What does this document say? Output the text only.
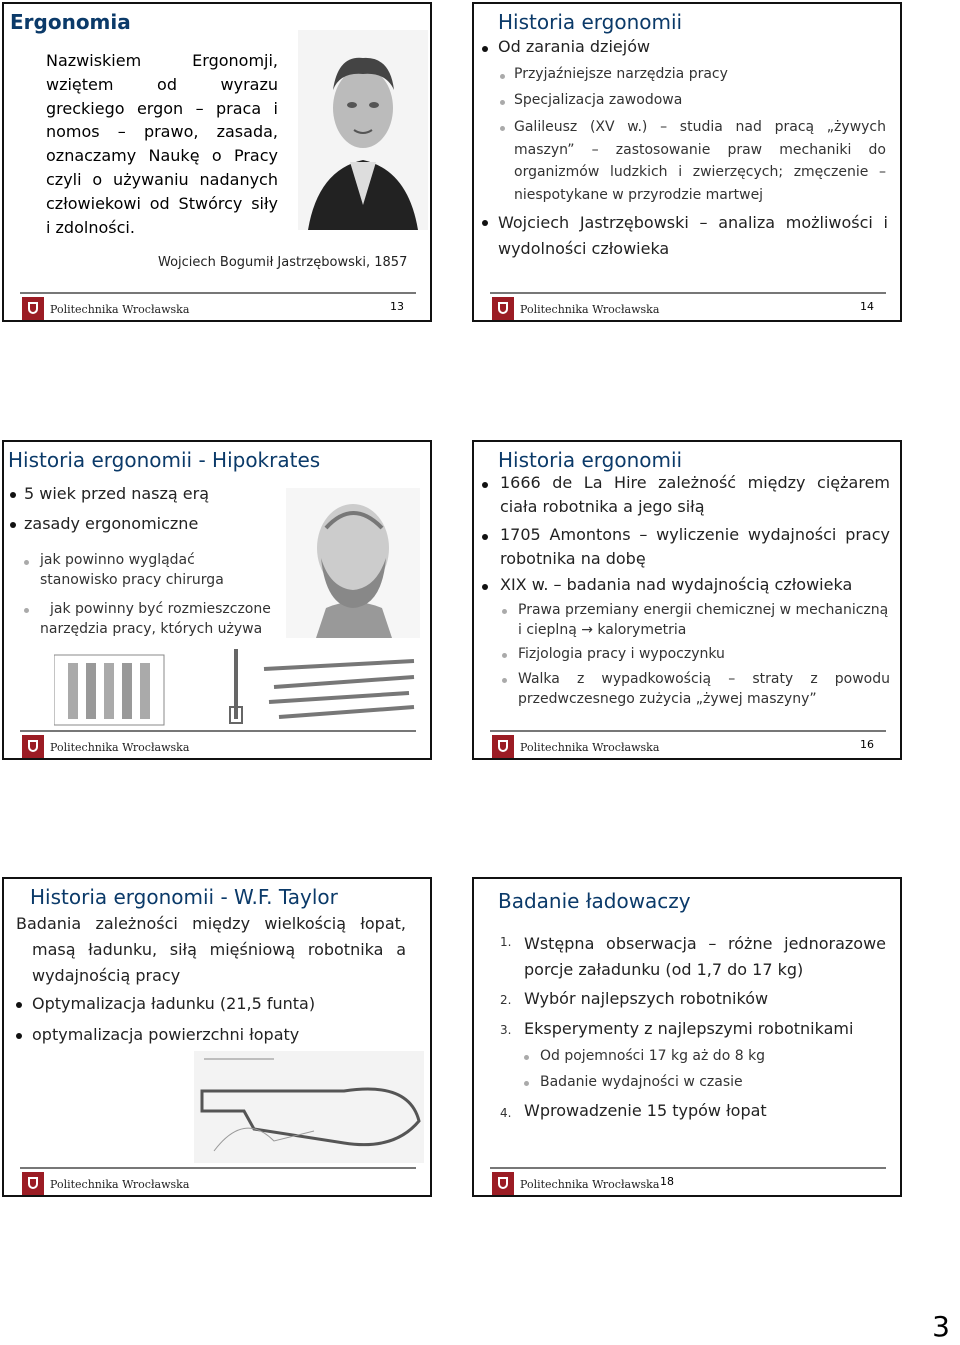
Ergonomia
Nazwiskiem Ergonomji,
wziętem od wyrazu
greckiego ergon – praca i
nomos – prawo, zasada,
oznaczamy Naukę o Pracy
czyli o używaniu nadanych
człowiekowi od Stwórcy siły
i zdolności.
Wojciech Bogumił Jastrzębowski, 1857
Politechnika Wrocławska	13
Historia ergonomii
Od zarania dziejów
Przyjaźniejsze narzędzia pracy
Specjalizacja zawodowa
Galileusz (XV w.) – studia nad pracą „żywych
maszyn” – zastosowanie praw mechaniki do
organizmów ludzkich i zwierzęcych; zmęczenie –
niespotykane w przyrodzie martwej
Wojciech Jastrzębowski – analiza możliwości i
wydolności człowieka
Politechnika Wrocławska	14
Historia ergonomii - Hipokrates
5 wiek przed naszą erą
zasady ergonomiczne
jak powinno wyglądać
stanowisko pracy chirurga
jak powinny być rozmieszczone
narzędzia pracy, których używa
Politechnika Wrocławska
Historia ergonomii
1666 de La Hire zależność między ciężarem
ciała robotnika a jego siłą
1705 Amontons – wyliczenie wydajności pracy
robotnika na dobę
XIX w. – badania nad wydajnością człowieka
Prawa przemiany energii chemicznej w mechaniczną
i cieplną → kalorymetria
Fizjologia pracy i wypoczynku
Walka z wypadkowością – straty z powodu
przedwczesnego zużycia „żywej maszyny”
Politechnika Wrocławska	16
Historia ergonomii - W.F. Taylor
Badania zależności między wielkością łopat,
masą ładunku, siłą mięśniową robotnika a
wydajnością pracy
Optymalizacja ładunku (21,5 funta)
optymalizacja powierzchni łopaty
Politechnika Wrocławska
Badanie ładowaczy
1. Wstępna obserwacja – różne jednorazowe
porcje załadunku (od 1,7 do 17 kg)
2. Wybór najlepszych robotników
3. Eksperymenty z najlepszymi robotnikami
Od pojemności 17 kg aż do 8 kg
Badanie wydajności w czasie
4. Wprowadzenie 15 typów łopat
Politechnika Wrocławska 18
3
